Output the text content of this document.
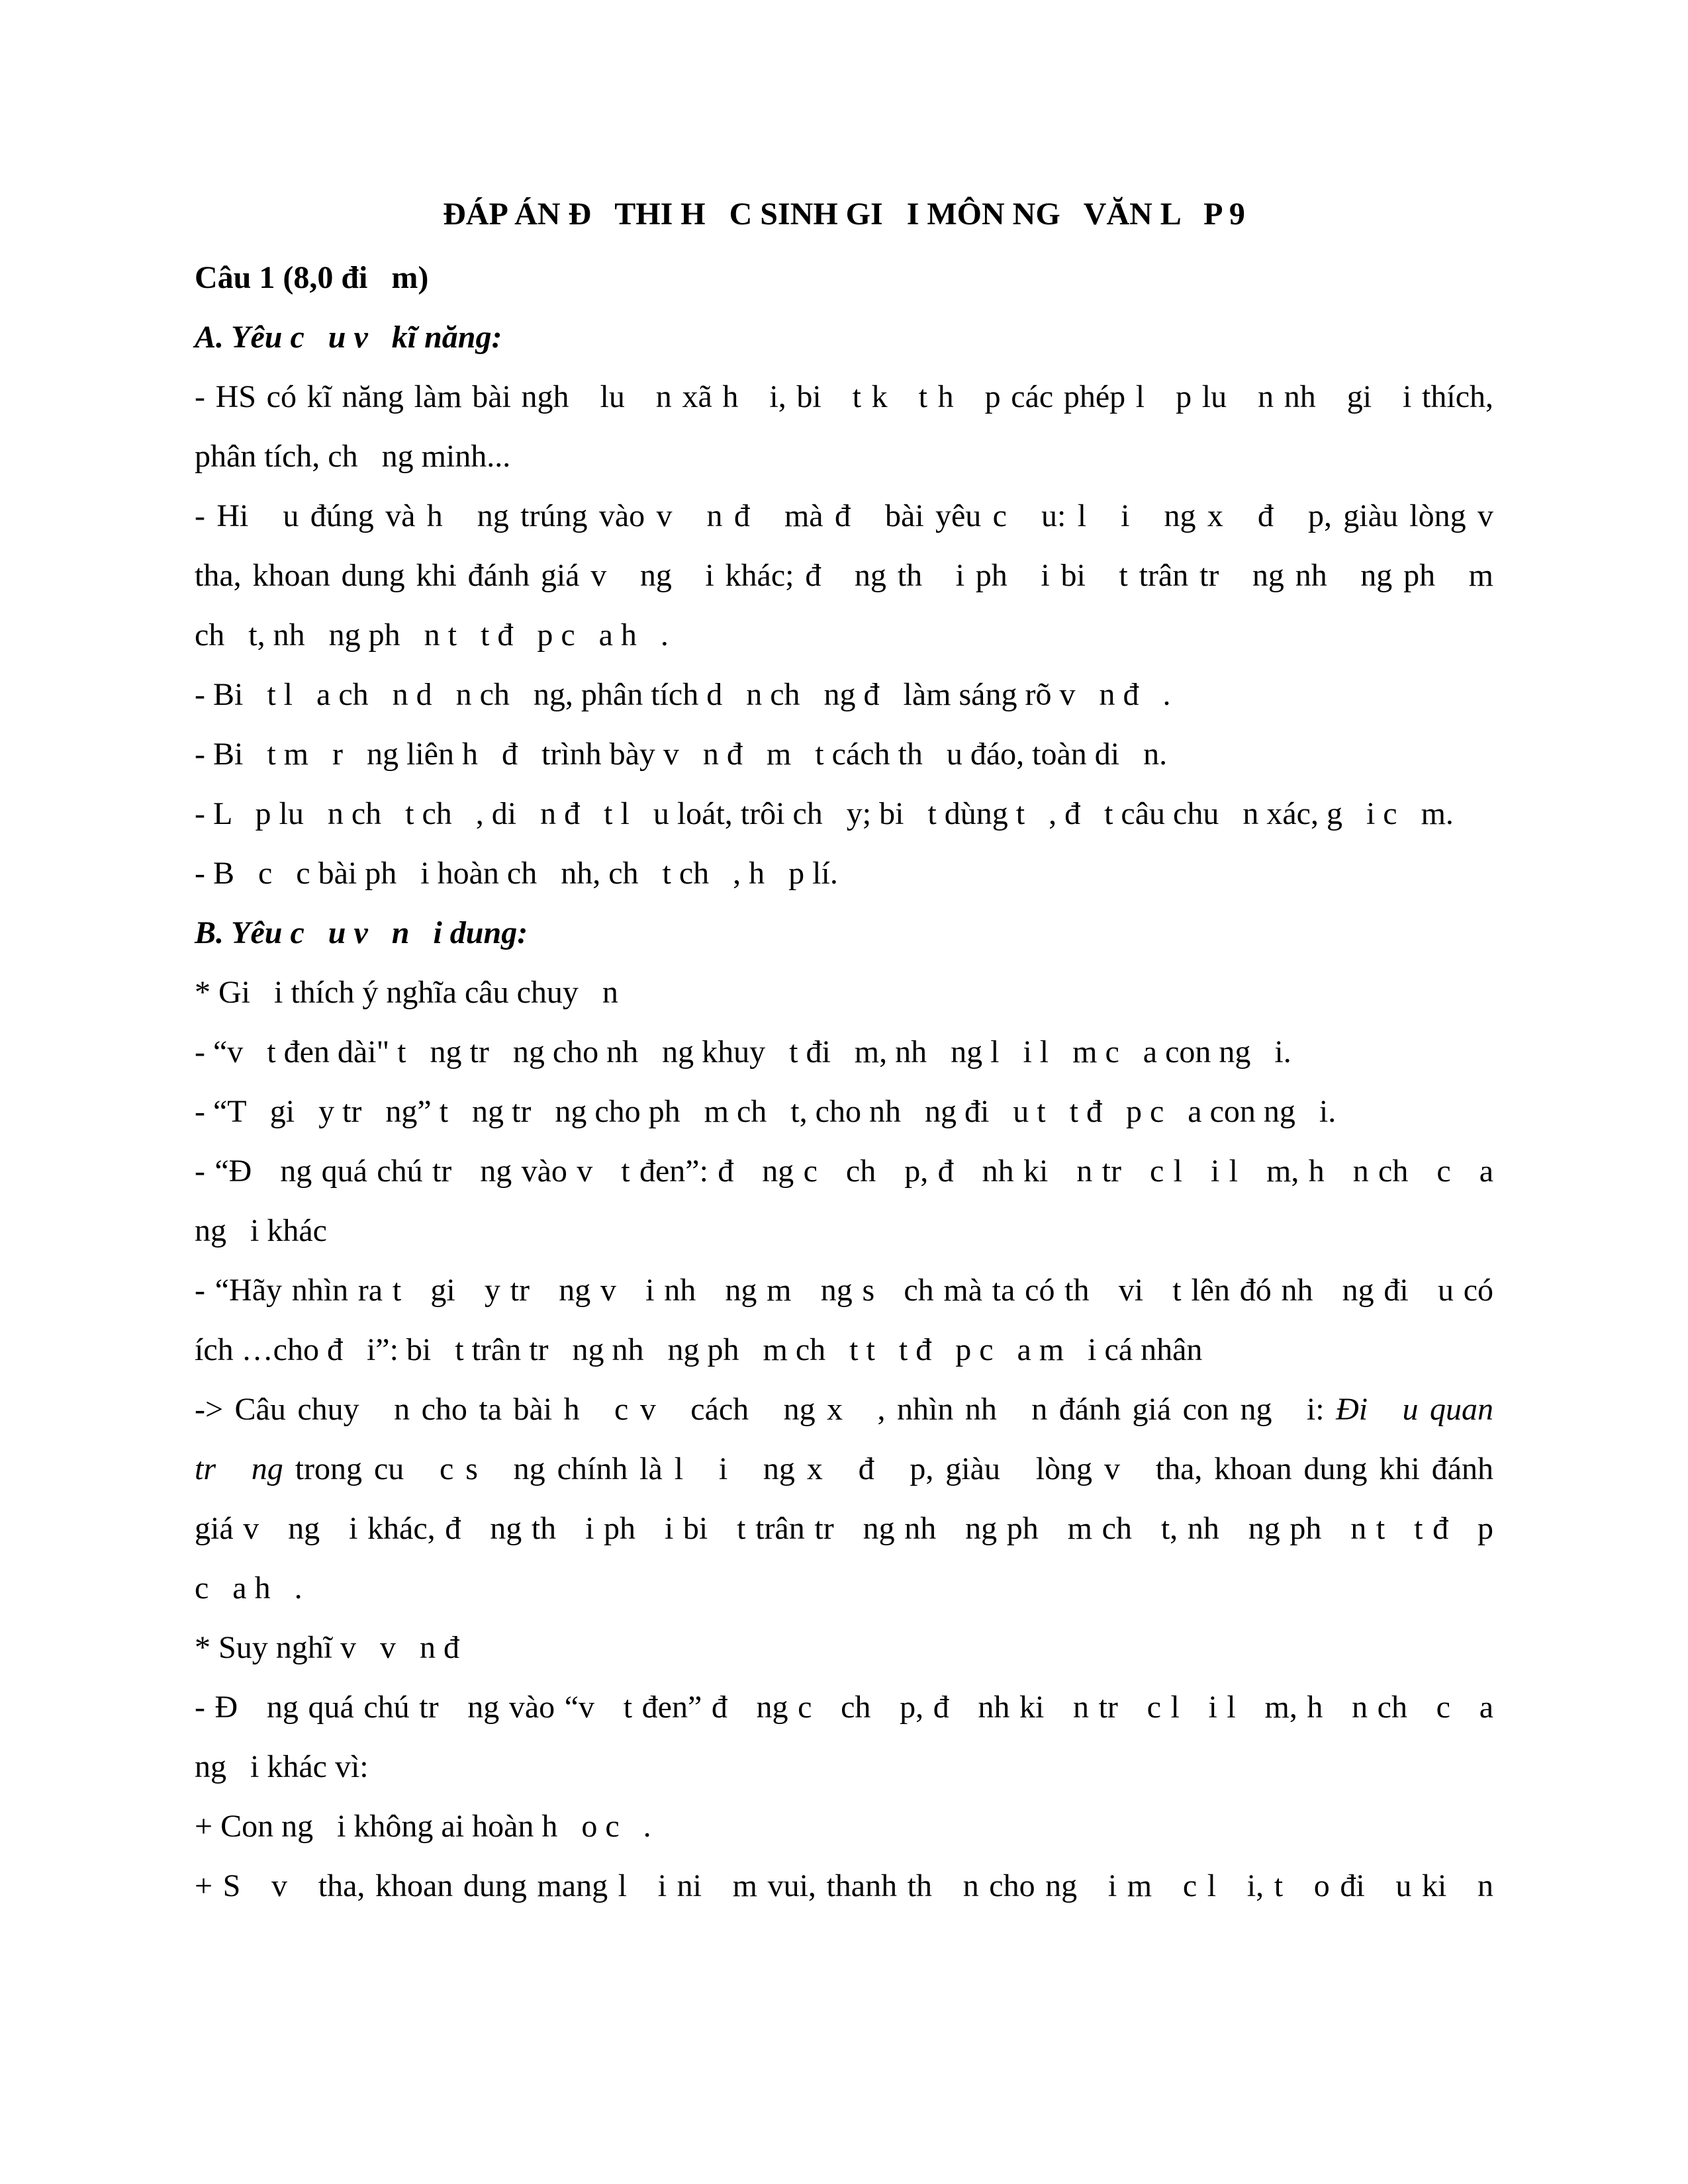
ĐÁP ÁN Đ   THI H   C SINH GI   I MÔN NG   VĂN L   P 9
Câu 1 (8,0 đi   m)
A. Yêu c   u v   kĩ năng:
- HS có kĩ năng làm bài ngh   lu   n xã h   i, bi   t k   t h   p các phép l   p lu   n nh   gi   i thích,
phân tích, ch   ng minh...
- Hi   u đúng và h   ng trúng vào v   n đ   mà đ   bài yêu c   u: l   i   ng x   đ   p, giàu lòng v
tha, khoan dung khi đánh giá v   ng   i khác; đ   ng th   i ph   i bi   t trân tr   ng nh   ng ph   m
ch   t, nh   ng ph   n t   t đ   p c   a h   .
- Bi   t l   a ch   n d   n ch   ng, phân tích d   n ch   ng đ   làm sáng rõ v   n đ   .
- Bi   t m   r   ng liên h   đ   trình bày v   n đ   m   t cách th   u đáo, toàn di   n.
- L   p lu   n ch   t ch   , di   n đ   t l   u loát, trôi ch   y; bi   t dùng t   , đ   t câu chu   n xác, g   i c   m.
- B   c   c bài ph   i hoàn ch   nh, ch   t ch   , h   p lí.
B. Yêu c   u v   n   i dung:
* Gi   i thích ý nghĩa câu chuy   n
- “v   t đen dài" t   ng tr   ng cho nh   ng khuy   t đi   m, nh   ng l   i l   m c   a con ng   i.
- “T   gi   y tr   ng” t   ng tr   ng cho ph   m ch   t, cho nh   ng đi   u t   t đ   p c   a con ng   i.
- “Đ   ng quá chú tr   ng vào v   t đen”: đ   ng c   ch   p, đ   nh ki   n tr   c l   i l   m, h   n ch   c   a
ng   i khác
- “Hãy nhìn ra t   gi   y tr   ng v   i nh   ng m   ng s   ch mà ta có th   vi   t lên đó nh   ng đi   u có
ích …cho đ   i”: bi   t trân tr   ng nh   ng ph   m ch   t t   t đ   p c   a m   i cá nhân
-> Câu chuy   n cho ta bài h   c v   cách   ng x   , nhìn nh   n đánh giá con ng   i: Đi   u quan
tr   ng trong cu   c s   ng chính là l   i   ng x   đ   p, giàu   lòng v   tha, khoan dung khi đánh
giá v   ng   i khác, đ   ng th   i ph   i bi   t trân tr   ng nh   ng ph   m ch   t, nh   ng ph   n t   t đ   p
c   a h   .
* Suy nghĩ v   v   n đ
- Đ   ng quá chú tr   ng vào “v   t đen” đ   ng c   ch   p, đ   nh ki   n tr   c l   i l   m, h   n ch   c   a
ng   i khác vì:
+ Con ng   i không ai hoàn h   o c   .
+ S   v   tha, khoan dung mang l   i ni   m vui, thanh th   n cho ng   i m   c l   i, t   o đi   u ki   n
